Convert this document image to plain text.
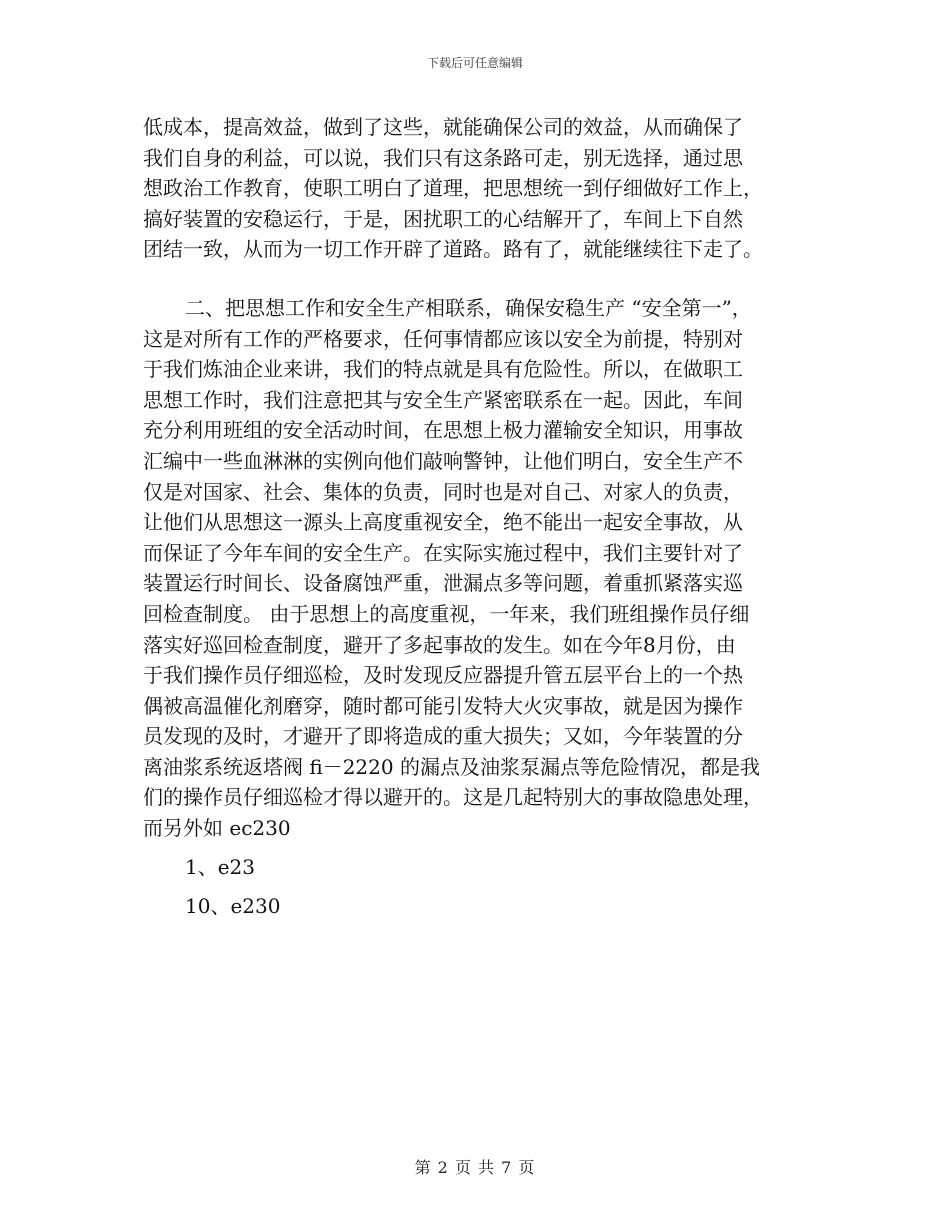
下载后可任意编辑
低成本，提高效益，做到了这些，就能确保公司的效益，从而确保了
我们自身的利益，可以说，我们只有这条路可走，别无选择，通过思
想政治工作教育，使职工明白了道理，把思想统一到仔细做好工作上，
搞好装置的安稳运行，于是，困扰职工的心结解开了，车间上下自然
团结一致，从而为一切工作开辟了道路。路有了，就能继续往下走了。
二、把思想工作和安全生产相联系，确保安稳生产 “安全第一”，
这是对所有工作的严格要求，任何事情都应该以安全为前提，特别对
于我们炼油企业来讲，我们的特点就是具有危险性。所以，在做职工
思想工作时，我们注意把其与安全生产紧密联系在一起。因此，车间
充分利用班组的安全活动时间，在思想上极力灌输安全知识，用事故
汇编中一些血淋淋的实例向他们敲响警钟，让他们明白，安全生产不
仅是对国家、社会、集体的负责，同时也是对自己、对家人的负责，
让他们从思想这一源头上高度重视安全，绝不能出一起安全事故，从
而保证了今年车间的安全生产。在实际实施过程中，我们主要针对了
装置运行时间长、设备腐蚀严重，泄漏点多等问题，着重抓紧落实巡
回检查制度。 由于思想上的高度重视，一年来，我们班组操作员仔细
落实好巡回检查制度，避开了多起事故的发生。如在今年8月份，由
于我们操作员仔细巡检，及时发现反应器提升管五层平台上的一个热
偶被高温催化剂磨穿，随时都可能引发特大火灾事故，就是因为操作
员发现的及时，才避开了即将造成的重大损失；又如，今年装置的分
离油浆系统返塔阀 fi－2220 的漏点及油浆泵漏点等危险情况，都是我
们的操作员仔细巡检才得以避开的。这是几起特别大的事故隐患处理，
而另外如 ec230
1、e23
10、e230
第 2 页 共 7 页
